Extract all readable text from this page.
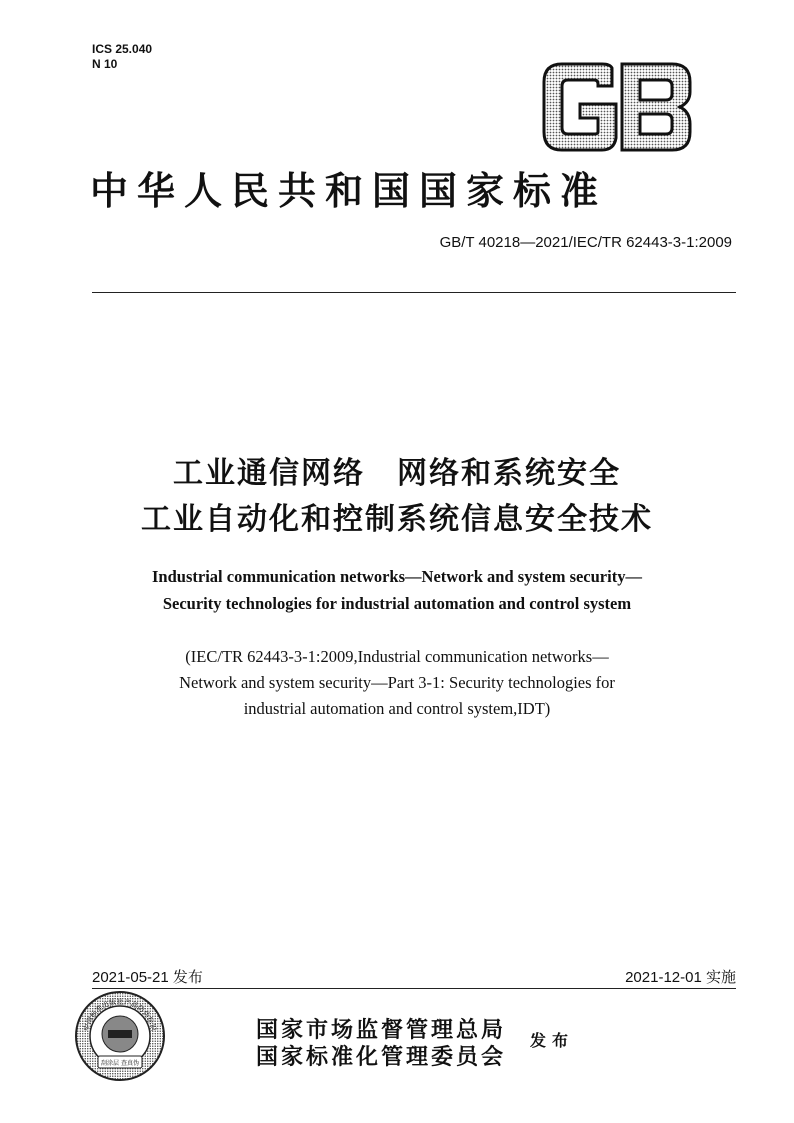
ICS 25.040
N 10
中华人民共和国国家标准
GB/T 40218—2021/IEC/TR 62443-3-1:2009
工业通信网络　网络和系统安全
工业自动化和控制系统信息安全技术
Industrial communication networks—Network and system security—
Security technologies for industrial automation and control system
(IEC/TR 62443-3-1:2009,Industrial communication networks—
Network and system security—Part 3-1: Security technologies for
industrial automation and control system,IDT)
2021-05-21 发布	2021-12-01 实施
中国标准出版社产品防伪标识
刮涂层 查真伪
国家市场监督管理总局
国家标准化管理委员会
发布
